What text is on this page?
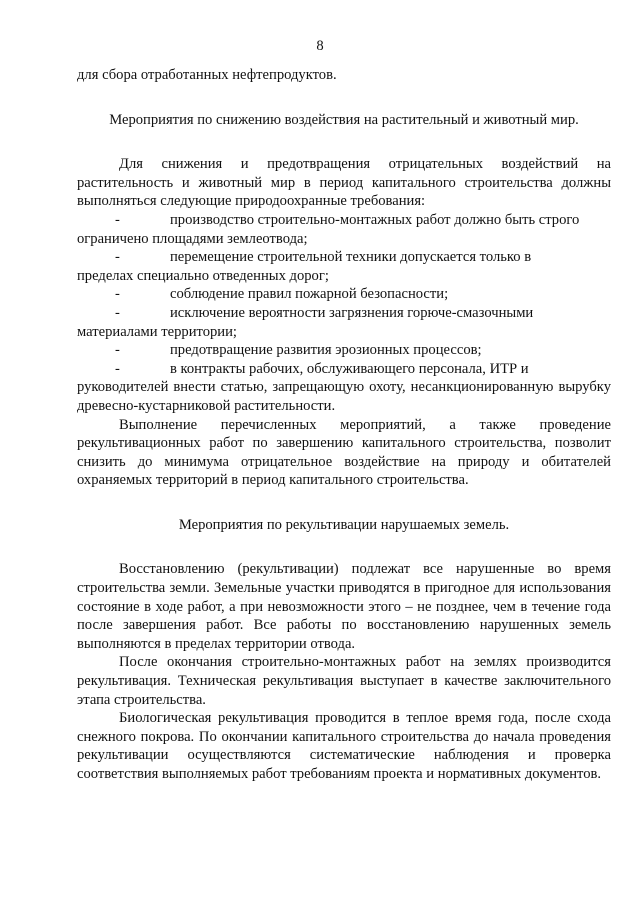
8

для сбора отработанных нефтепродуктов.

Мероприятия по снижению воздействия на растительный и животный мир.

Для снижения и предотвращения отрицательных воздействий на растительность и животный мир в период капитального строительства должны выполняться следующие природоохранные требования:

-	производство строительно-монтажных работ должно быть строго
ограничено площадями землеотвода;

-	перемещение строительной техники допускается только в
пределах специально отведенных дорог;

-	соблюдение правил пожарной безопасности;

-	исключение вероятности загрязнения горюче-смазочными
материалами территории;

-	предотвращение развития эрозионных процессов;

-	в контракты рабочих, обслуживающего персонала, ИТР и
руководителей внести статью, запрещающую охоту, несанкционированную вырубку древесно-кустарниковой растительности.

Выполнение перечисленных мероприятий, а также проведение рекультивационных работ по завершению капитального строительства, позволит снизить до минимума отрицательное воздействие на природу и обитателей охраняемых территорий в период капитального строительства.

Мероприятия по рекультивации нарушаемых земель.

Восстановлению (рекультивации) подлежат все нарушенные во время строительства земли. Земельные участки приводятся в пригодное для использования состояние в ходе работ, а при невозможности этого – не позднее, чем в течение года после завершения работ. Все работы по восстановлению нарушенных земель выполняются в пределах территории отвода.

После окончания строительно-монтажных работ на землях производится рекультивация. Техническая рекультивация выступает в качестве заключительного этапа строительства.

Биологическая рекультивация проводится в теплое время года, после схода снежного покрова. По окончании капитального строительства до начала проведения рекультивации осуществляются систематические наблюдения и проверка соответствия выполняемых работ требованиям проекта и нормативных документов.
